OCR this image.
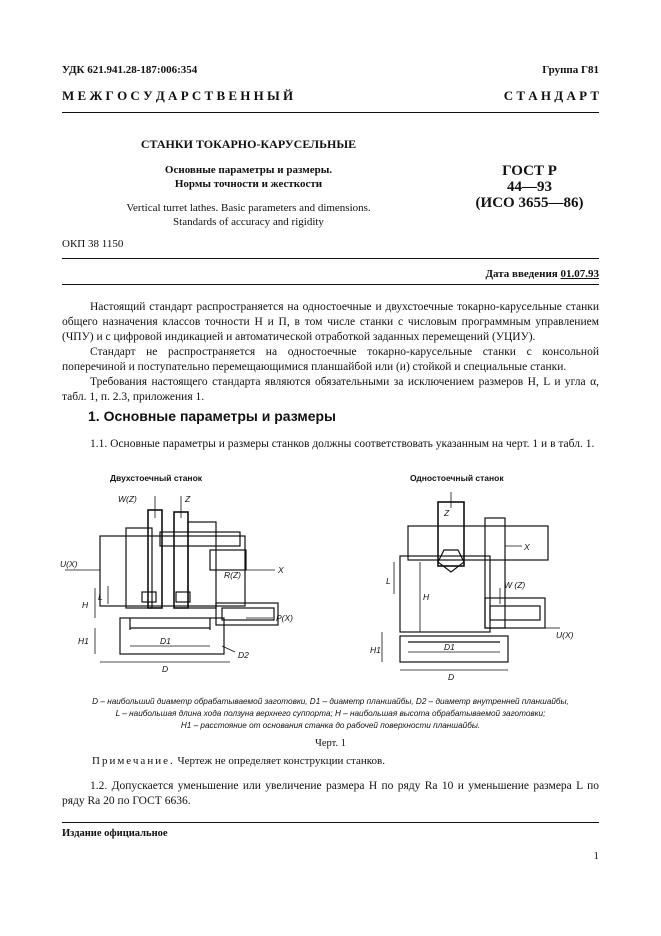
УДК 621.941.28-187:006:354	Группа Г81
М Е Ж Г О С У Д А Р С Т В Е Н Н Ы Й	С Т А Н Д А Р Т
СТАНКИ ТОКАРНО-КАРУСЕЛЬНЫЕ
Основные параметры и размеры.
Нормы точности и жесткости
Vertical turret lathes. Basic parameters and dimensions.
Standards of accuracy and rigidity
ГОСТ Р
44—93
(ИСО 3655—86)
ОКП 38 1150
Дата введения 01.07.93

Настоящий стандарт распространяется на одностоечные и двухстоечные токарно-карусельные станки общего назначения классов точности Н и П, в том числе станки с числовым программным управлением (ЧПУ) и с цифровой индикацией и автоматической отработкой заданных перемещений (УЦИУ).

Стандарт не распространяется на одностоечные токарно-карусельные станки с консольной поперечиной и поступательно перемещающимися планшайбой или (и) стойкой и специальные станки.

Требования настоящего стандарта являются обязательными за исключением размеров H, L и угла α, табл. 1, п. 2.3, приложения 1.

1. Основные параметры и размеры

1.1. Основные параметры и размеры станков должны соответствовать указанным на черт. 1 и в табл. 1.

Двухстоечный станок	Одностоечный станок
W(Z)	Z
U(X)
X
R(Z)
P(X)
H
L
H1	D1
D2
D
Z
X
W (Z)
U(X)
L
H
H1	D1
D
D – наибольший диаметр обрабатываемой заготовки, D1 – диаметр планшайбы, D2 – диаметр внутренней планшайбы,
L – наибольшая длина хода ползуна верхнего суппорта; H – наибольшая высота обрабатываемой заготовки;
H1 – расстояние от основания станка до рабочей поверхности планшайбы.
Черт. 1
Примечание. Чертеж не определяет конструкции станков.

1.2. Допускается уменьшение или увеличение размера H по ряду Ra 10 и уменьшение размера L по ряду Ra 20 по ГОСТ 6636.

Издание официальное
1
